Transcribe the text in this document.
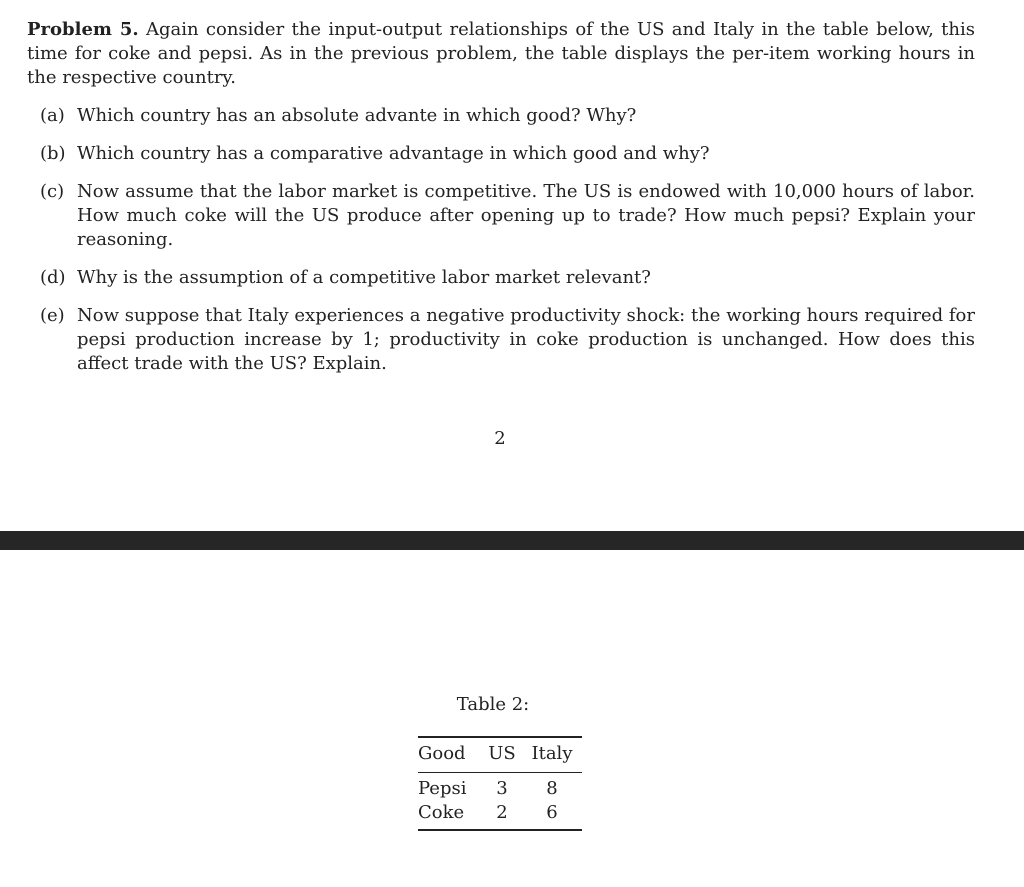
Problem 5. Again consider the input-output relationships of the US and Italy in the table below, this time for coke and pepsi. As in the previous problem, the table displays the per-item working hours in the respective country.
(a) Which country has an absolute advante in which good? Why?
(b) Which country has a comparative advantage in which good and why?
(c) Now assume that the labor market is competitive. The US is endowed with 10,000 hours of labor. How much coke will the US produce after opening up to trade? How much pepsi? Explain your reasoning.
(d) Why is the assumption of a competitive labor market relevant?
(e) Now suppose that Italy experiences a negative productivity shock: the working hours required for pepsi production increase by 1; productivity in coke production is unchanged. How does this affect trade with the US? Explain.
2
Table 2:
Good	US	Italy
Pepsi	3	8
Coke	2	6
